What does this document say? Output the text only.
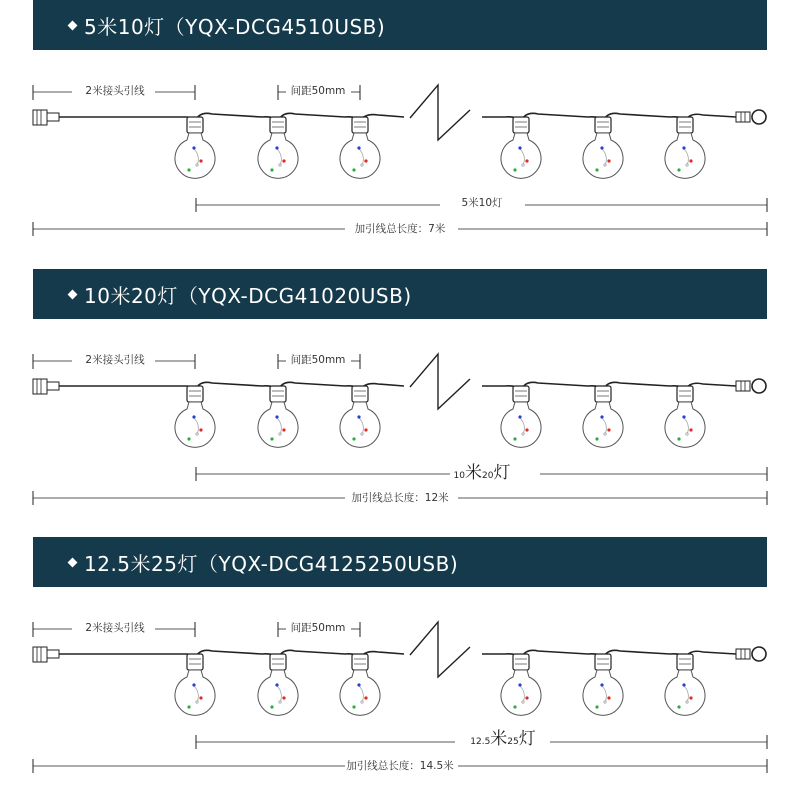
5米10灯（YQX-DCG4510USB)
2米接头引线	间距50mm
5米10灯
加引线总长度：7米
10米20灯（YQX-DCG41020USB)
2米接头引线	间距50mm
10米20灯
加引线总长度：12米
12.5米25灯（YQX-DCG4125250USB)
2米接头引线	间距50mm
12.5米25灯
加引线总长度：14.5米
